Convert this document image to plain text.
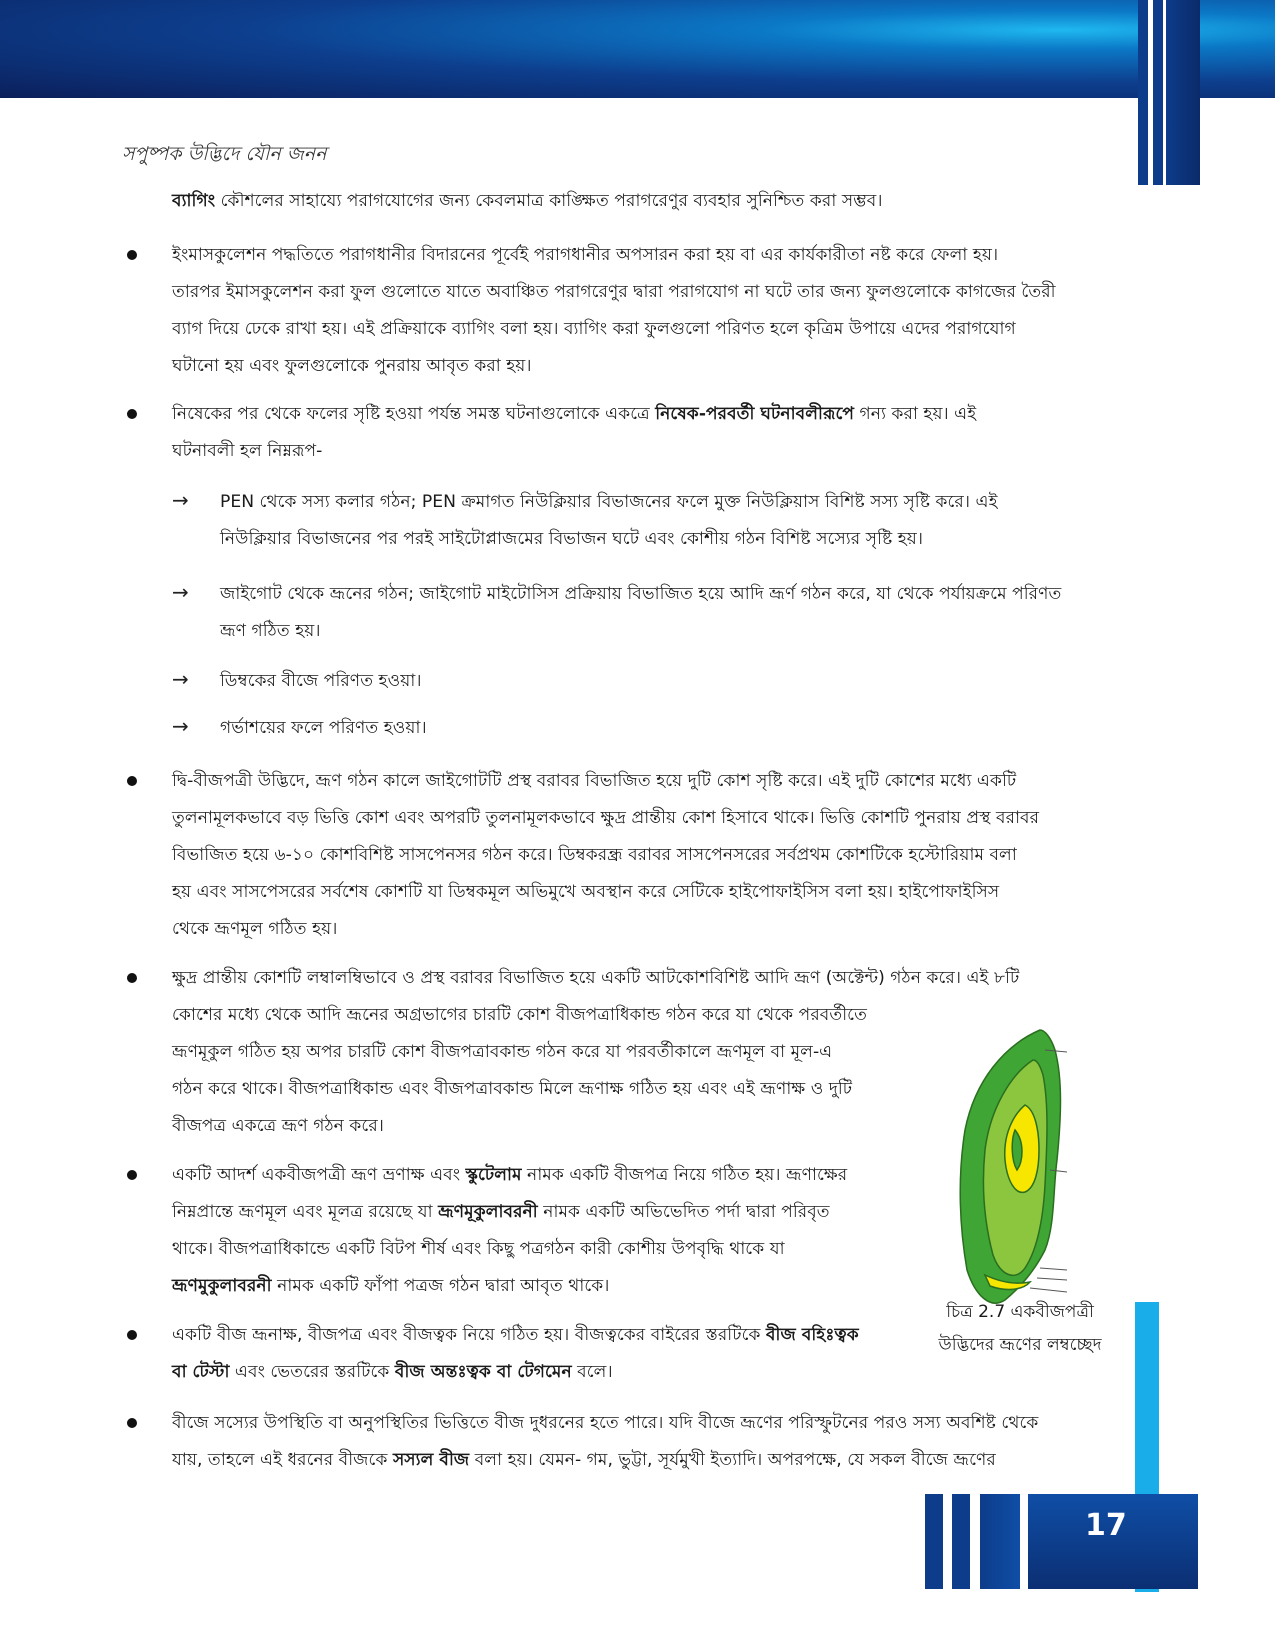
সপুষ্পক উদ্ভিদে যৌন জনন
ব্যাগিং কৌশলের সাহায্যে পরাগযোগের জন্য কেবলমাত্র কাঙ্ক্ষিত পরাগরেণুর ব্যবহার সুনিশ্চিত করা সম্ভব।
ইংমাসকুলেশন পদ্ধতিতে পরাগধানীর বিদারনের পূর্বেই পরাগধানীর অপসারন করা হয় বা এর কার্যকারীতা নষ্ট করে ফেলা হয়।
তারপর ইমাসকুলেশন করা ফুল গুলোতে যাতে অবাঞ্চিত পরাগরেণুর দ্বারা পরাগযোগ না ঘটে তার জন্য ফুলগুলোকে কাগজের তৈরী
ব্যাগ দিয়ে ঢেকে রাখা হয়। এই প্রক্রিয়াকে ব্যাগিং বলা হয়। ব্যাগিং করা ফুলগুলো পরিণত হলে কৃত্রিম উপায়ে এদের পরাগযোগ
ঘটানো হয় এবং ফুলগুলোকে পুনরায় আবৃত করা হয়।
নিষেকের পর থেকে ফলের সৃষ্টি হওয়া পর্যন্ত সমস্ত ঘটনাগুলোকে একত্রে নিষেক-পরবর্তী ঘটনাবলীরূপে গন্য করা হয়। এই
ঘটনাবলী হল নিম্নরূপ-
→ PEN থেকে সস্য কলার গঠন; PEN ক্রমাগত নিউক্লিয়ার বিভাজনের ফলে মুক্ত নিউক্লিয়াস বিশিষ্ট সস্য সৃষ্টি করে। এই
নিউক্লিয়ার বিভাজনের পর পরই সাইটোপ্লাজমের বিভাজন ঘটে এবং কোশীয় গঠন বিশিষ্ট সস্যের সৃষ্টি হয়।
→ জাইগোট থেকে ভ্রূনের গঠন; জাইগোট মাইটোসিস প্রক্রিয়ায় বিভাজিত হয়ে আদি ভ্রূর্ণ গঠন করে, যা থেকে পর্যায়ক্রমে পরিণত
ভ্রূণ গঠিত হয়।
→ ডিম্বকের বীজে পরিণত হওয়া।
→ গর্ভাশয়ের ফলে পরিণত হওয়া।
দ্বি-বীজপত্রী উদ্ভিদে, ভ্রূণ গঠন কালে জাইগোটটি প্রস্থ বরাবর বিভাজিত হয়ে দুটি কোশ সৃষ্টি করে। এই দুটি কোশের মধ্যে একটি
তুলনামূলকভাবে বড় ভিত্তি কোশ এবং অপরটি তুলনামূলকভাবে ক্ষুদ্র প্রান্তীয় কোশ হিসাবে থাকে। ভিত্তি কোশটি পুনরায় প্রস্থ বরাবর
বিভাজিত হয়ে ৬-১০ কোশবিশিষ্ট সাসপেনসর গঠন করে। ডিম্বকরন্ধ্র বরাবর সাসপেনসরের সর্বপ্রথম কোশটিকে হস্টোরিয়াম বলা
হয় এবং সাসপেসরের সর্বশেষ কোশটি যা ডিম্বকমূল অভিমুখে অবস্থান করে সেটিকে হাইপোফাইসিস বলা হয়। হাইপোফাইসিস
থেকে ভ্রূণমূল গঠিত হয়।
ক্ষুদ্র প্রান্তীয় কোশটি লম্বালম্বিভাবে ও প্রস্থ বরাবর বিভাজিত হয়ে একটি আটকোশবিশিষ্ট আদি ভ্রূণ (অক্টেন্ট) গঠন করে। এই ৮টি
কোশের মধ্যে থেকে আদি ভ্রূনের অগ্রভাগের চারটি কোশ বীজপত্রাধিকান্ড গঠন করে যা থেকে পরবর্তীতে
ভ্রূণমূকুল গঠিত হয় অপর চারটি কোশ বীজপত্রাবকান্ড গঠন করে যা পরবর্তীকালে ভ্রূণমূল বা মূল-এ
গঠন করে থাকে। বীজপত্রাধিকান্ড এবং বীজপত্রাবকান্ড মিলে ভ্রূণাক্ষ গঠিত হয় এবং এই ভ্রূণাক্ষ ও দুটি
বীজপত্র একত্রে ভ্রূণ গঠন করে।
একটি আদর্শ একবীজপত্রী ভ্রূণ ভ্রণাক্ষ এবং স্কুটেলাম নামক একটি বীজপত্র নিয়ে গঠিত হয়। ভ্রূণাক্ষের
নিম্নপ্রান্তে ভ্রূণমূল এবং মূলত্র রয়েছে যা ভ্রূণমূকুলাবরনী নামক একটি অভিভেদিত পর্দা দ্বারা পরিবৃত
থাকে। বীজপত্রাধিকান্ডে একটি বিটপ শীর্ষ এবং কিছু পত্রগঠন কারী কোশীয় উপবৃদ্ধি থাকে যা
ভ্রূণমুকুলাবরনী নামক একটি ফাঁপা পত্রজ গঠন দ্বারা আবৃত থাকে।
একটি বীজ ভ্রূনাক্ষ, বীজপত্র এবং বীজত্বক নিয়ে গঠিত হয়। বীজত্বকের বাইরের স্তরটিকে বীজ বহিঃত্বক
বা টেস্টা এবং ভেতরের স্তরটিকে বীজ অন্তঃত্বক বা টেগমেন বলে।
বীজে সস্যের উপস্থিতি বা অনুপস্থিতির ভিত্তিতে বীজ দুধরনের হতে পারে। যদি বীজে ভ্রূণের পরিস্ফুটনের পরও সস্য অবশিষ্ট থেকে
যায়, তাহলে এই ধরনের বীজকে সস্যল বীজ বলা হয়। যেমন- গম, ভুট্টা, সূর্যমুখী ইত্যাদি। অপরপক্ষে, যে সকল বীজে ভ্রূণের
চিত্র 2.7 একবীজপত্রী
উদ্ভিদের ভ্রূণের লম্বচ্ছেদ
17
